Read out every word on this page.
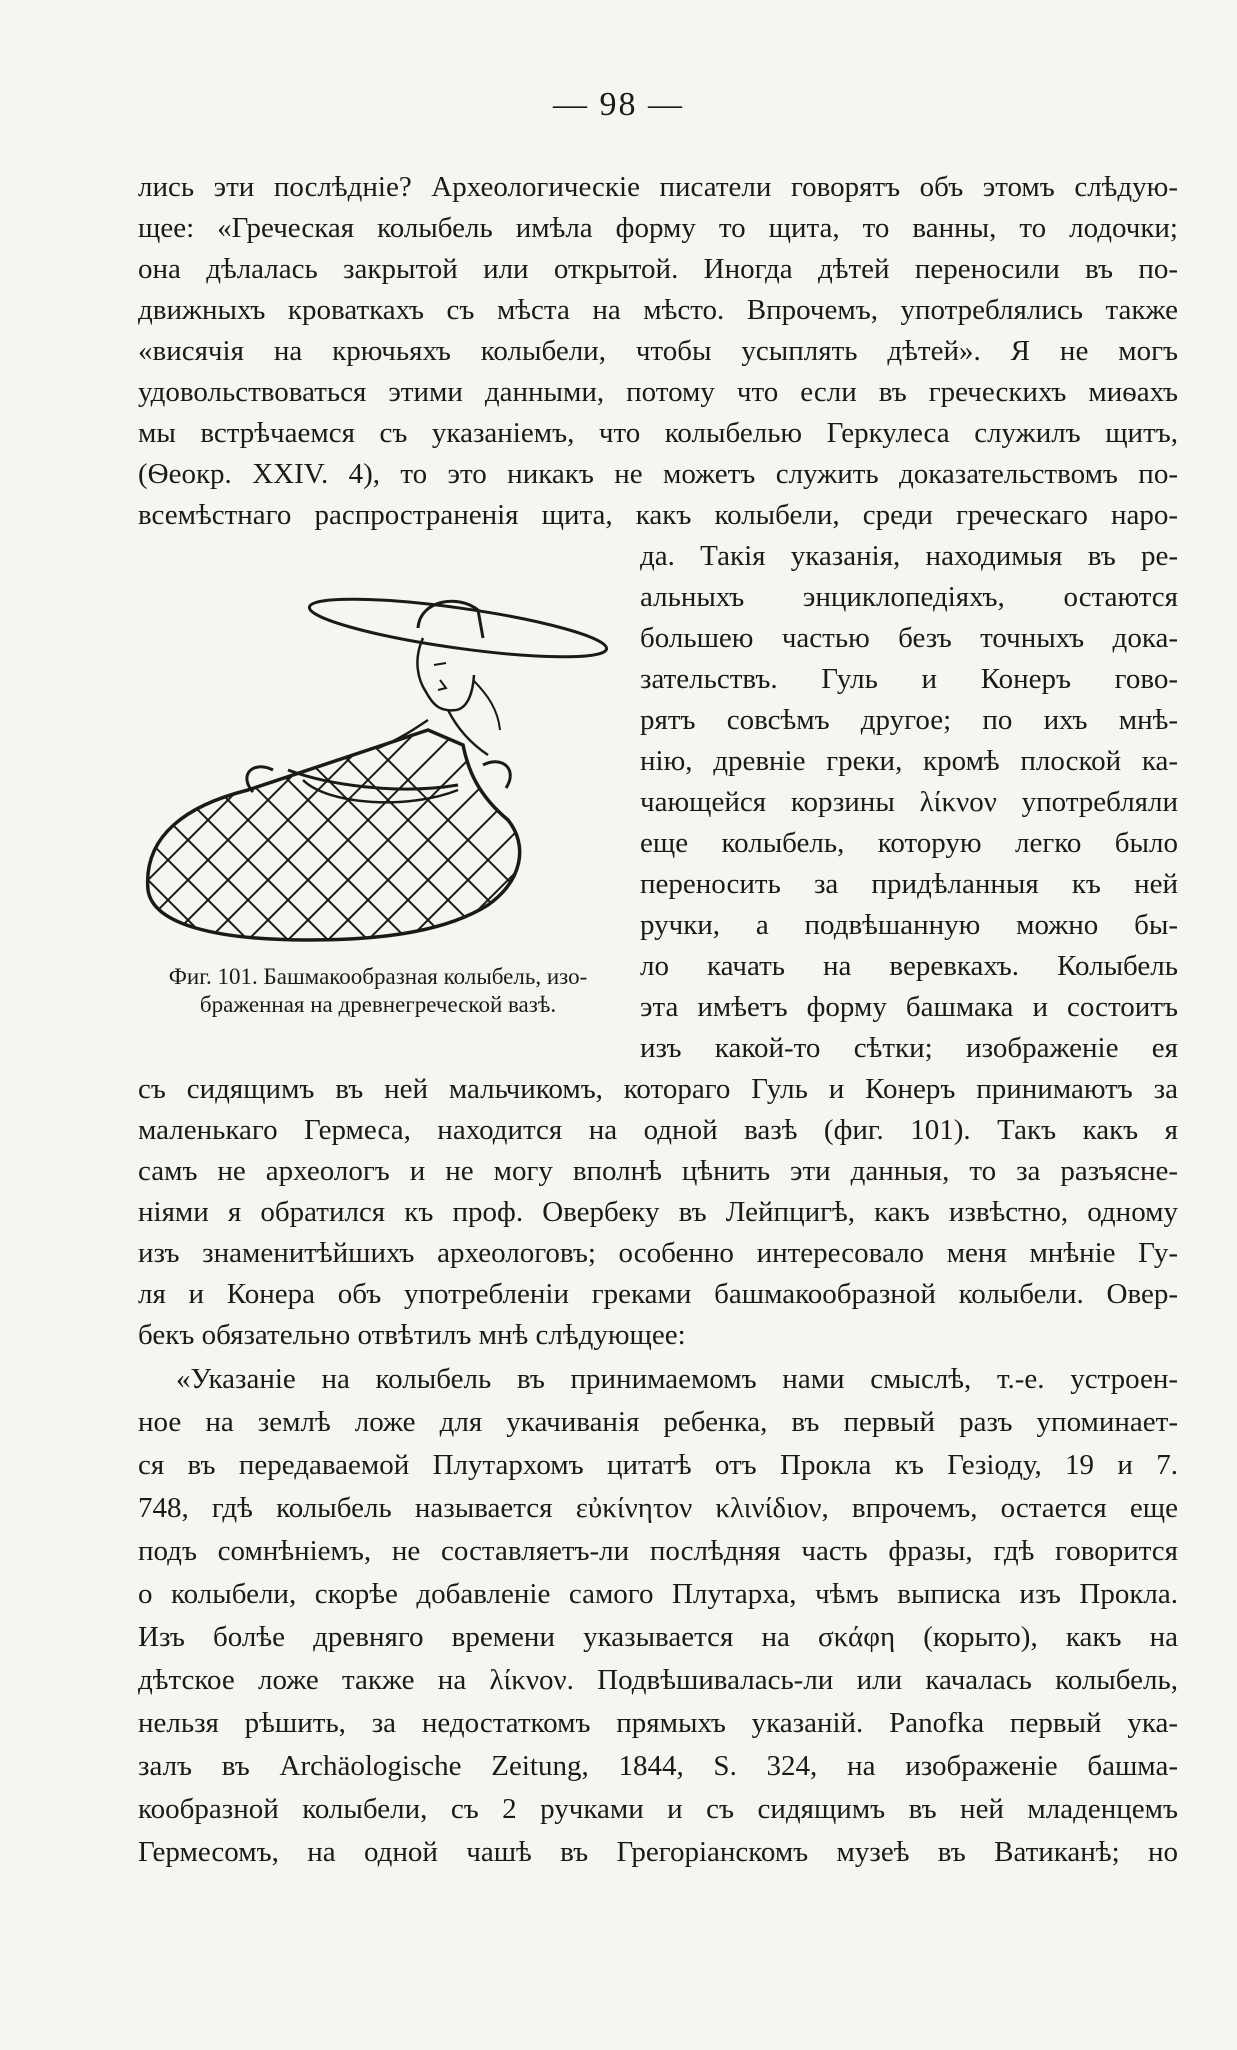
— 98 —
лись эти послѣдніе? Археологическіе писатели говорятъ объ этомъ слѣдую-
щее: «Греческая колыбель имѣла форму то щита, то ванны, то лодочки;
она дѣлалась закрытой или открытой. Иногда дѣтей переносили въ по-
движныхъ кроваткахъ съ мѣста на мѣсто. Впрочемъ, употреблялись также
«висячія на крючьяхъ колыбели, чтобы усыплять дѣтей». Я не могъ
удовольствоваться этими данными, потому что если въ греческихъ миѳахъ
мы встрѣчаемся съ указаніемъ, что колыбелью Геркулеса служилъ щитъ,
(Ѳеокр. XXIV. 4), то это никакъ не можетъ служить доказательствомъ по-
всемѣстнаго распространенія щита, какъ колыбели, среди греческаго наро-
да. Такія указанія, находимыя въ ре-
альныхъ энциклопедіяхъ, остаются
большею частью безъ точныхъ дока-
зательствъ. Гуль и Конеръ гово-
рятъ совсѣмъ другое; по ихъ мнѣ-
нію, древніе греки, кромѣ плоской ка-
чающейся корзины λίκνον употребляли
еще колыбель, которую легко было
переносить за придѣланныя къ ней
ручки, а подвѣшанную можно бы-
ло качать на веревкахъ. Колыбель
эта имѣетъ форму башмака и состоитъ
изъ какой-то сѣтки; изображеніе ея
Фиг. 101. Башмакообразная колыбель, изо-
браженная на древнегреческой вазѣ.
съ сидящимъ въ ней мальчикомъ, котораго Гуль и Конеръ принимаютъ за
маленькаго Гермеса, находится на одной вазѣ (фиг. 101). Такъ какъ я
самъ не археологъ и не могу вполнѣ цѣнить эти данныя, то за разъясне-
ніями я обратился къ проф. Овербеку въ Лейпцигѣ, какъ извѣстно, одному
изъ знаменитѣйшихъ археологовъ; особенно интересовало меня мнѣніе Гу-
ля и Конера объ употребленіи греками башмакообразной колыбели. Овер-
бекъ обязательно отвѣтилъ мнѣ слѣдующее:
«Указаніе на колыбель въ принимаемомъ нами смыслѣ, т.-е. устроен-
ное на землѣ ложе для укачиванія ребенка, въ первый разъ упоминает-
ся въ передаваемой Плутархомъ цитатѣ отъ Прокла къ Гезіоду, 19 и 7.
748, гдѣ колыбель называется εὐκίνητον κλινίδιον, впрочемъ, остается еще
подъ сомнѣніемъ, не составляетъ-ли послѣдняя часть фразы, гдѣ говорится
о колыбели, скорѣе добавленіе самого Плутарха, чѣмъ выписка изъ Прокла.
Изъ болѣе древняго времени указывается на σκάφη (корыто), какъ на
дѣтское ложе также на λίκνον. Подвѣшивалась-ли или качалась колыбель,
нельзя рѣшить, за недостаткомъ прямыхъ указаній. Panofka первый ука-
залъ въ Archäologische Zeitung, 1844, S. 324, на изображеніе башма-
кообразной колыбели, съ 2 ручками и съ сидящимъ въ ней младенцемъ
Гермесомъ, на одной чашѣ въ Грегоріанскомъ музеѣ въ Ватиканѣ; но
